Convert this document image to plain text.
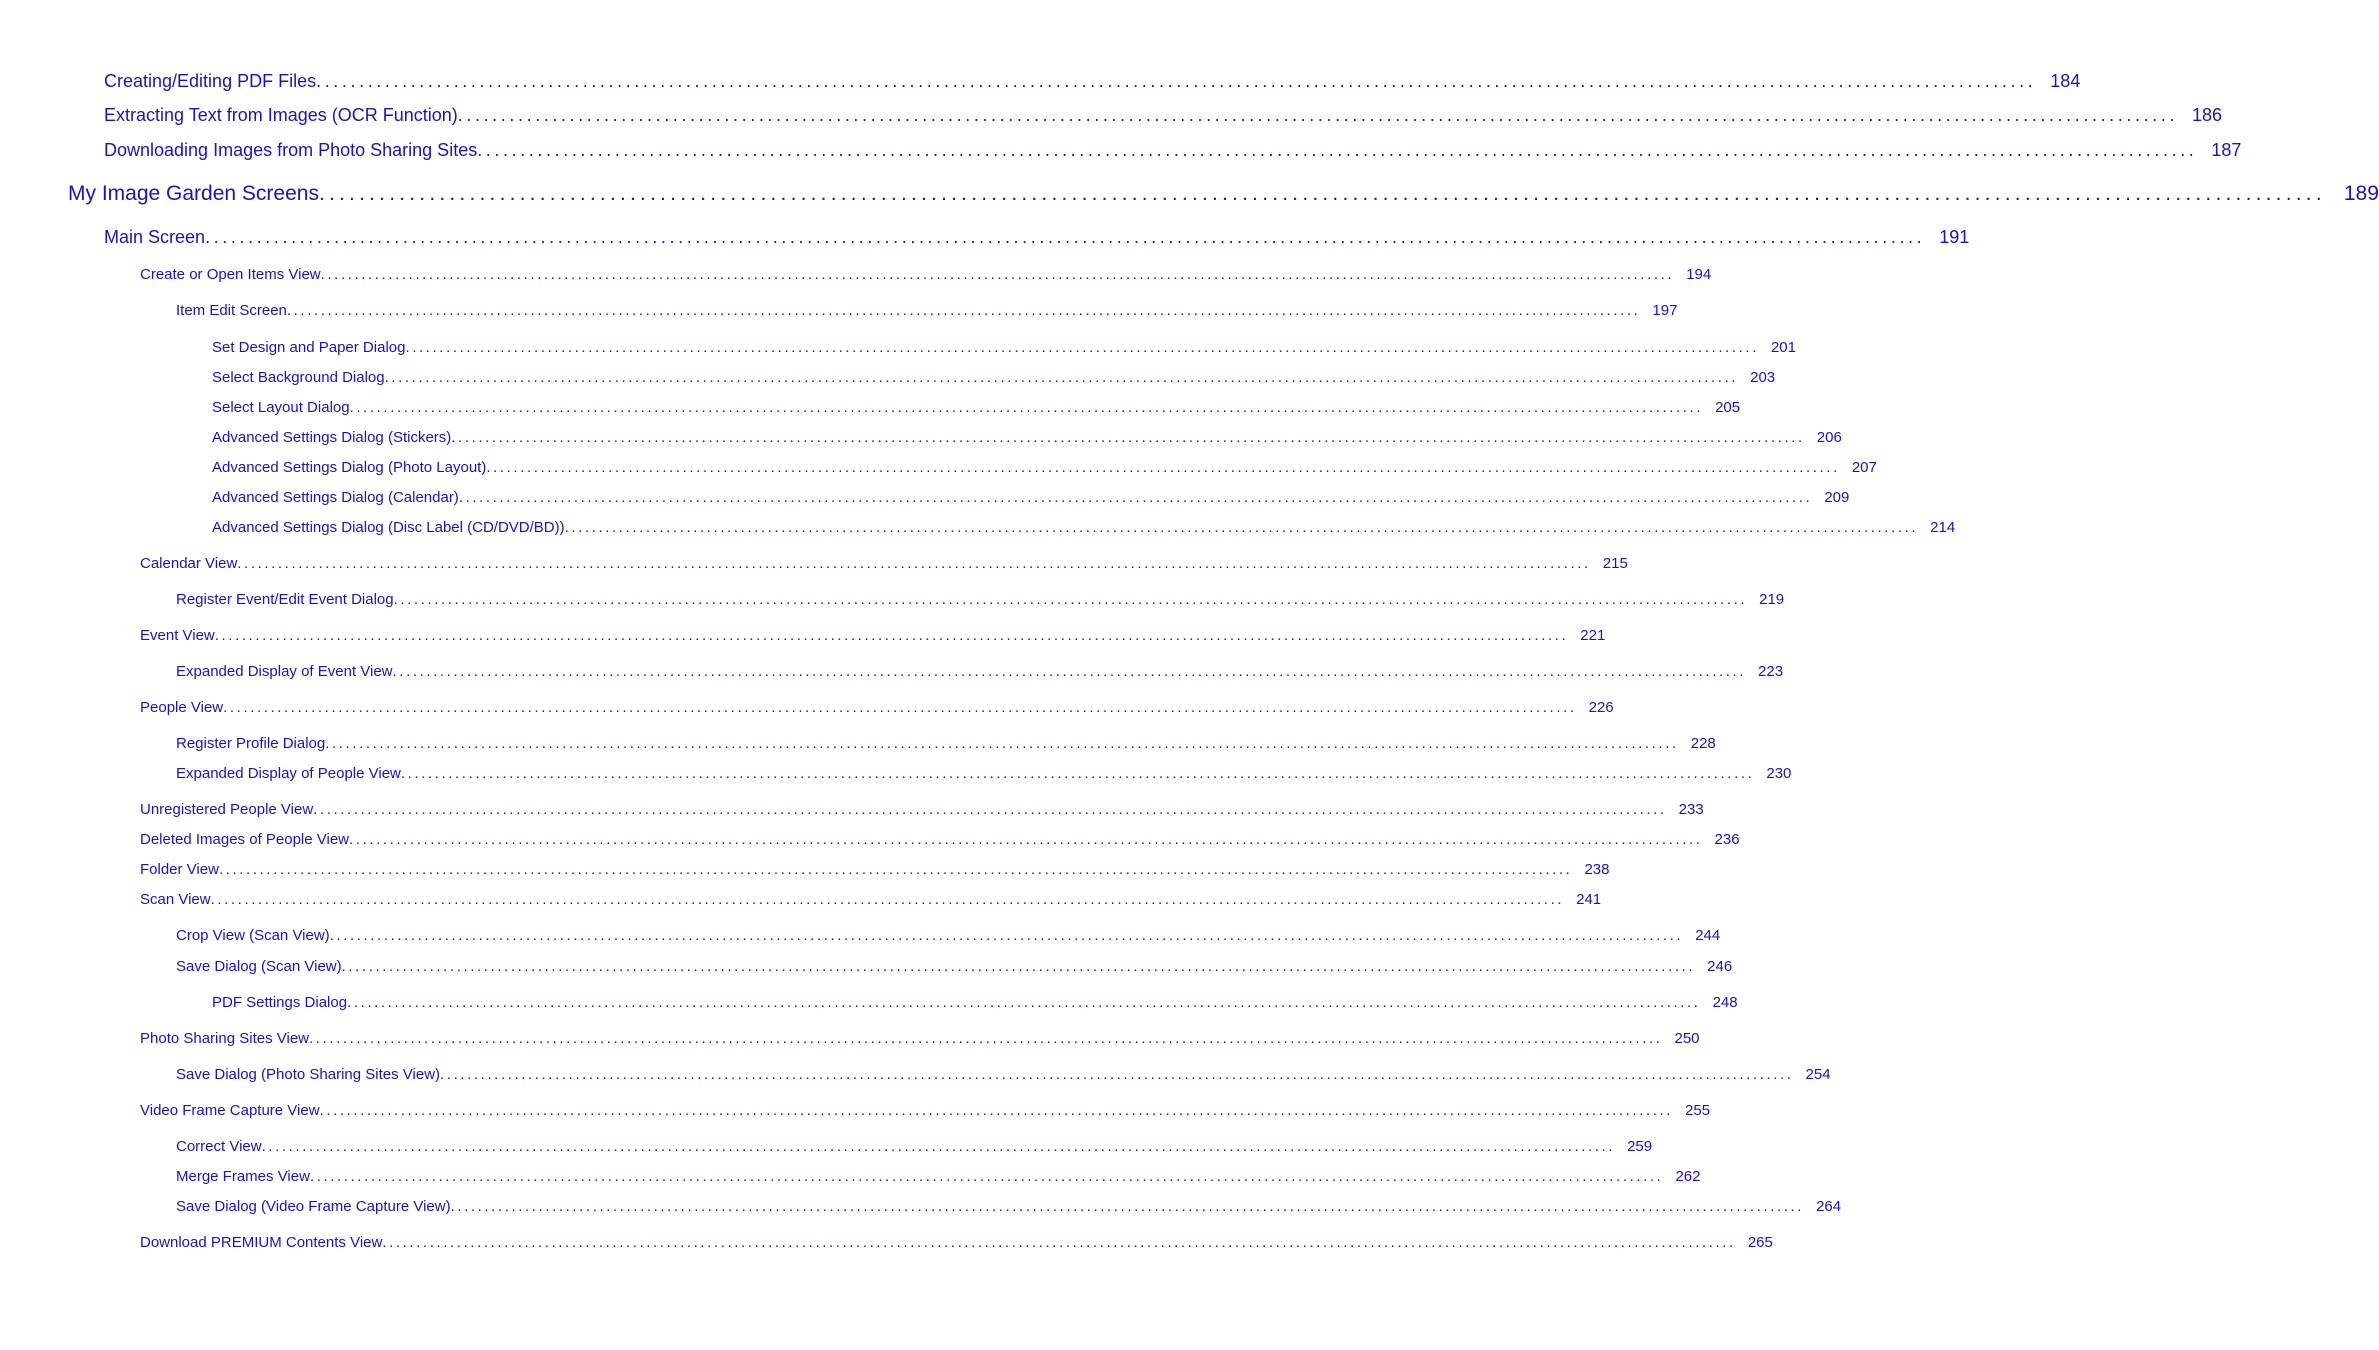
Creating/Editing PDF Files ........................................................................................................................................................................................................ 184
Extracting Text from Images (OCR Function) ........................................................................................................................................................................................................ 186
Downloading Images from Photo Sharing Sites ........................................................................................................................................................................................................ 187
My Image Garden Screens ........................................................................................................................................................................................................ 189
Main Screen ........................................................................................................................................................................................................ 191
Create or Open Items View ........................................................................................................................................................................................................ 194
Item Edit Screen ........................................................................................................................................................................................................ 197
Set Design and Paper Dialog ........................................................................................................................................................................................................ 201
Select Background Dialog ........................................................................................................................................................................................................ 203
Select Layout Dialog ........................................................................................................................................................................................................ 205
Advanced Settings Dialog (Stickers) ........................................................................................................................................................................................................ 206
Advanced Settings Dialog (Photo Layout) ........................................................................................................................................................................................................ 207
Advanced Settings Dialog (Calendar) ........................................................................................................................................................................................................ 209
Advanced Settings Dialog (Disc Label (CD/DVD/BD)) ........................................................................................................................................................................................................ 214
Calendar View ........................................................................................................................................................................................................ 215
Register Event/Edit Event Dialog ........................................................................................................................................................................................................ 219
Event View ........................................................................................................................................................................................................ 221
Expanded Display of Event View ........................................................................................................................................................................................................ 223
People View ........................................................................................................................................................................................................ 226
Register Profile Dialog ........................................................................................................................................................................................................ 228
Expanded Display of People View ........................................................................................................................................................................................................ 230
Unregistered People View ........................................................................................................................................................................................................ 233
Deleted Images of People View ........................................................................................................................................................................................................ 236
Folder View ........................................................................................................................................................................................................ 238
Scan View ........................................................................................................................................................................................................ 241
Crop View (Scan View) ........................................................................................................................................................................................................ 244
Save Dialog (Scan View) ........................................................................................................................................................................................................ 246
PDF Settings Dialog ........................................................................................................................................................................................................ 248
Photo Sharing Sites View ........................................................................................................................................................................................................ 250
Save Dialog (Photo Sharing Sites View) ........................................................................................................................................................................................................ 254
Video Frame Capture View ........................................................................................................................................................................................................ 255
Correct View ........................................................................................................................................................................................................ 259
Merge Frames View ........................................................................................................................................................................................................ 262
Save Dialog (Video Frame Capture View) ........................................................................................................................................................................................................ 264
Download PREMIUM Contents View ........................................................................................................................................................................................................ 265
